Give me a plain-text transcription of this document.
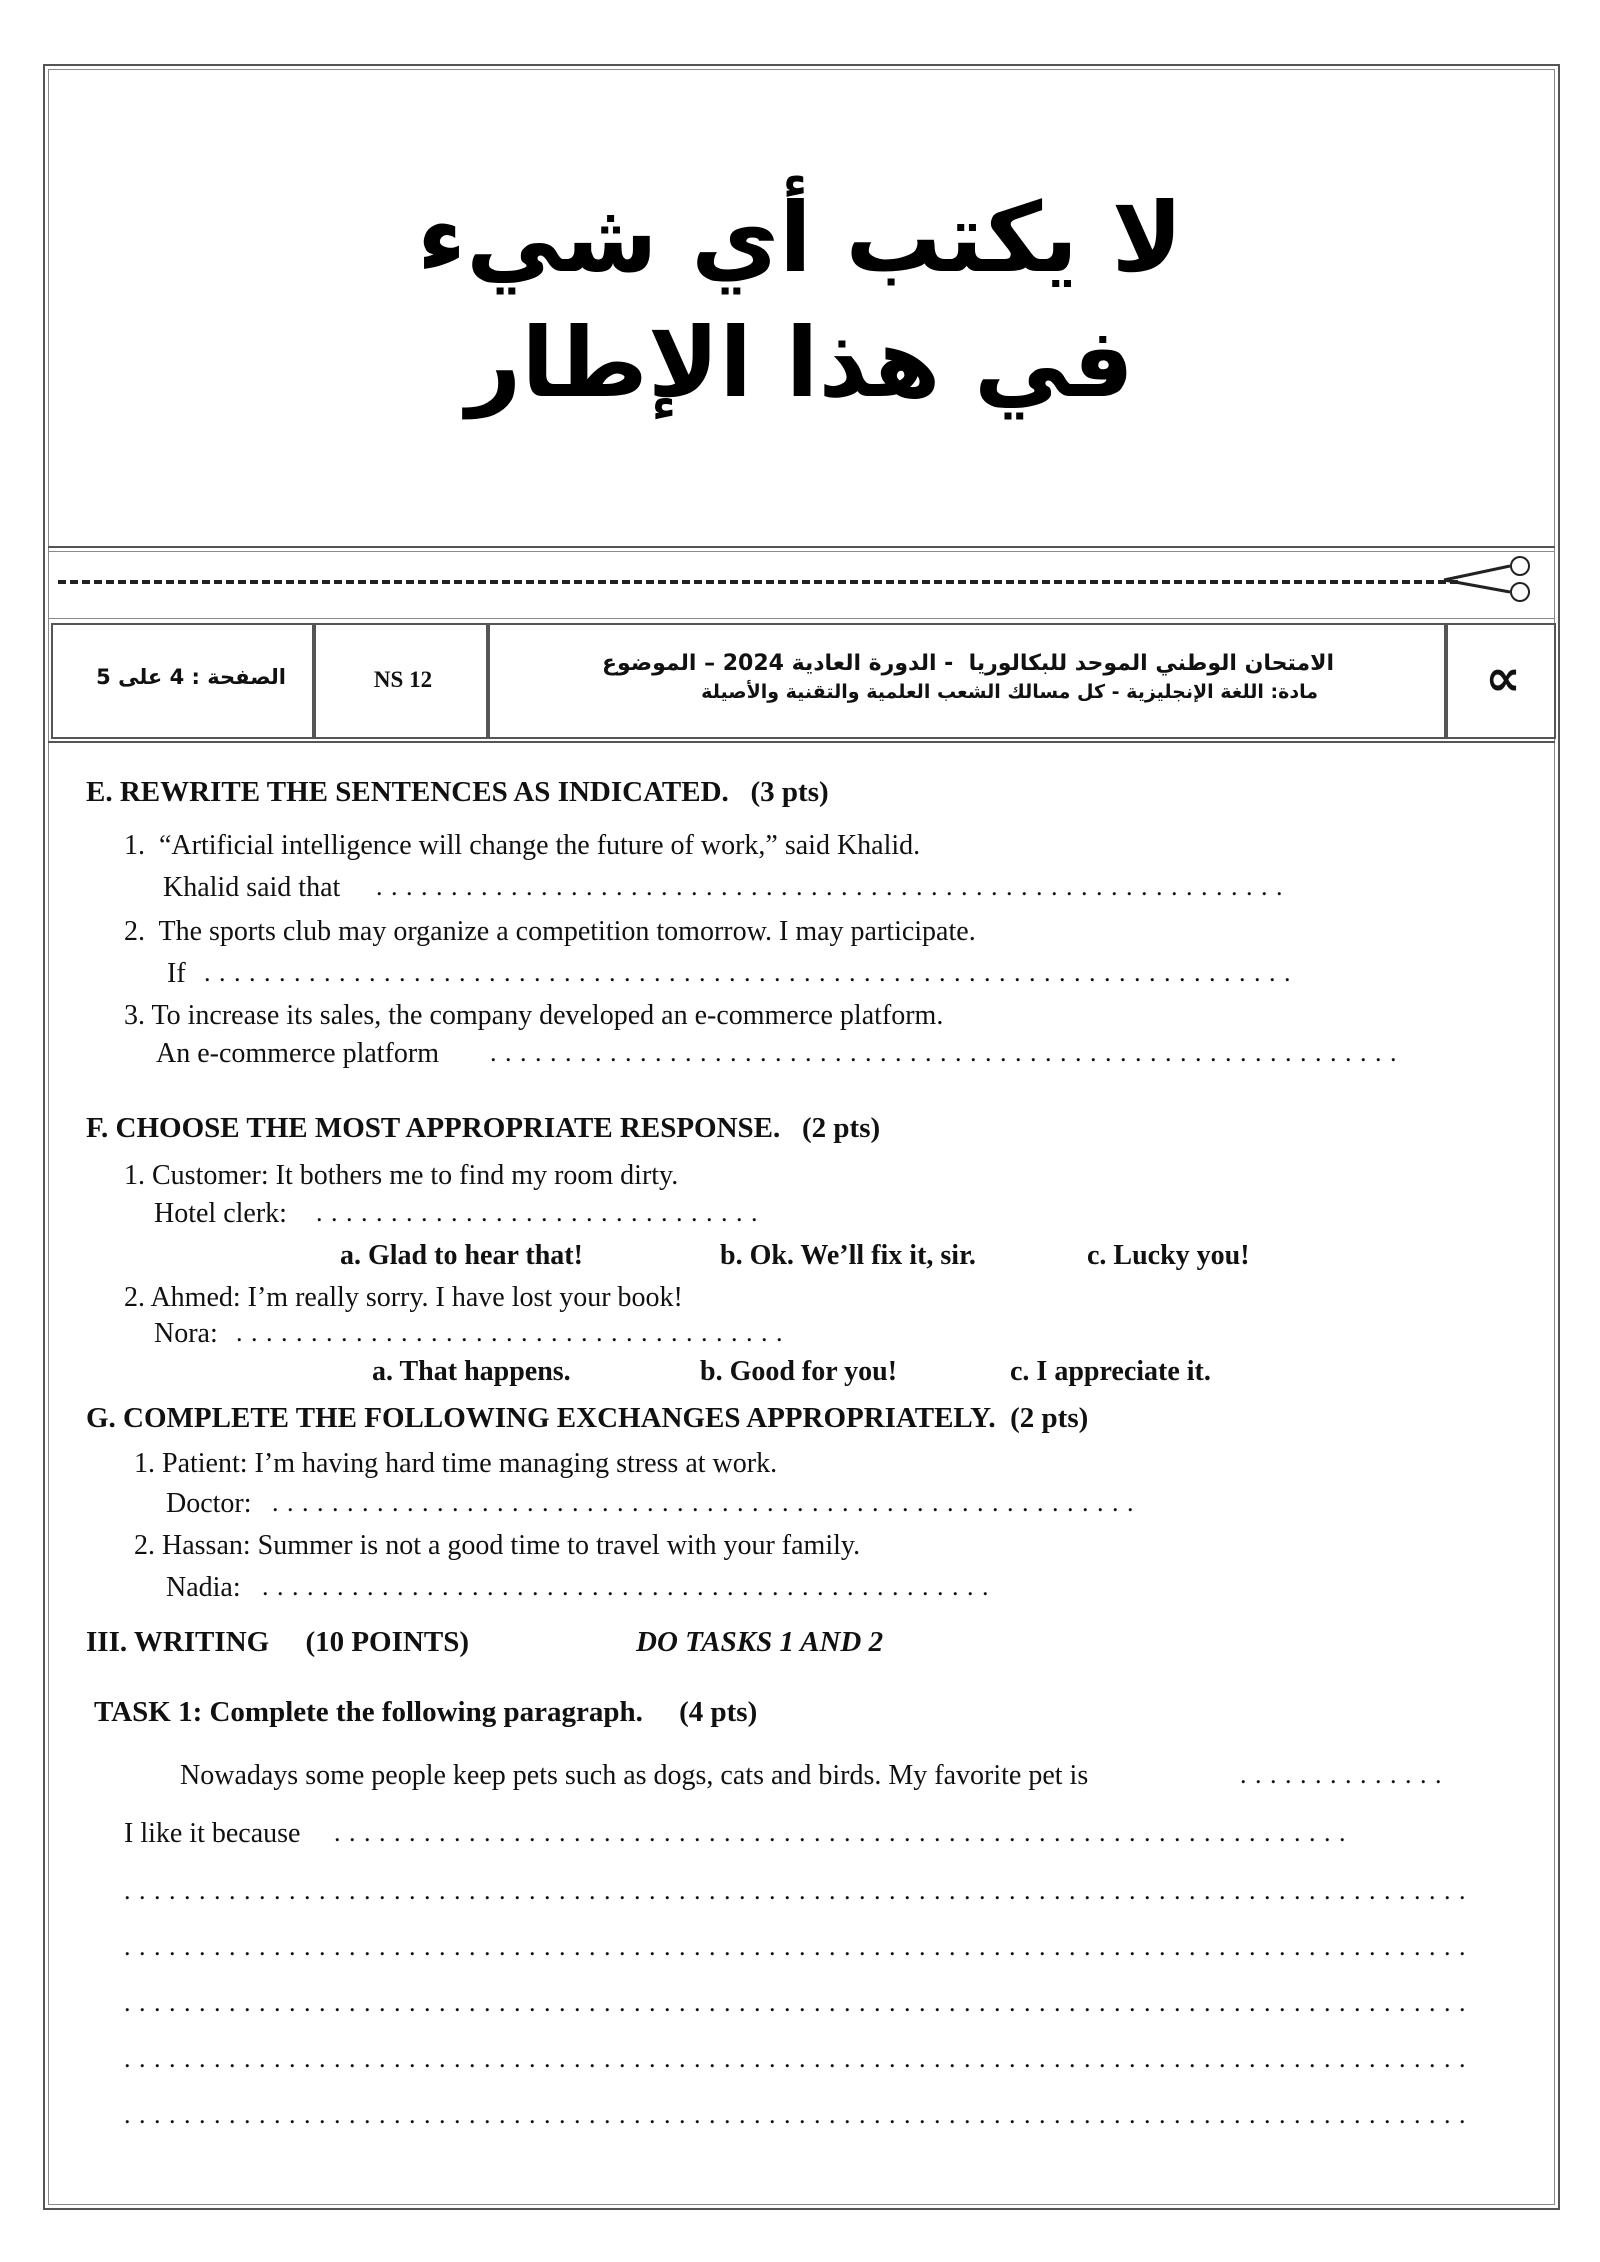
لا يكتب أي شيء
في هذا الإطار
الصفحة : 4 على 5	NS 12
الامتحان الوطني الموحد للبكالوريا  - الدورة العادية 2024 – الموضوع
مادة: اللغة الإنجليزية - كل مسالك الشعب العلمية والتقنية والأصيلة	∝
E. REWRITE THE SENTENCES AS INDICATED.   (3 pts)
1.  “Artificial intelligence will change the future of work,” said Khalid.
Khalid said that . . . . . . . . . . . . . . . . . . . . . . . . . . . . . . . . . . . . . . . . . . . . . . . . . . . . . . . . . . . . .
2.  The sports club may organize a competition tomorrow. I may participate.
If . . . . . . . . . . . . . . . . . . . . . . . . . . . . . . . . . . . . . . . . . . . . . . . . . . . . . . . . . . . . . . . . . . . . . . . . .
3. To increase its sales, the company developed an e-commerce platform.
An e-commerce platform . . . . . . . . . . . . . . . . . . . . . . . . . . . . . . . . . . . . . . . . . . . . . . . . . . . . . . . . . . . . .
F. CHOOSE THE MOST APPROPRIATE RESPONSE.   (2 pts)
1. Customer: It bothers me to find my room dirty.
Hotel clerk: . . . . . . . . . . . . . . . . . . . . . . . . . . . . . .
a. Glad to hear that!	b. Ok. We’ll fix it, sir.	c. Lucky you!
2. Ahmed: I’m really sorry. I have lost your book!
Nora: . . . . . . . . . . . . . . . . . . . . . . . . . . . . . . . . . . . . .
a. That happens.	b. Good for you!	c. I appreciate it.
G. COMPLETE THE FOLLOWING EXCHANGES APPROPRIATELY.  (2 pts)
1. Patient: I’m having hard time managing stress at work.
Doctor: . . . . . . . . . . . . . . . . . . . . . . . . . . . . . . . . . . . . . . . . . . . . . . . . . . . . . . . . . .
2. Hassan: Summer is not a good time to travel with your family.
Nadia: . . . . . . . . . . . . . . . . . . . . . . . . . . . . . . . . . . . . . . . . . . . . . . . . .
III. WRITING     (10 POINTS)	DO TASKS 1 AND 2
TASK 1: Complete the following paragraph.     (4 pts)
Nowadays some people keep pets such as dogs, cats and birds. My favorite pet is	. . . . . . . . . . . . . .
I like it because . . . . . . . . . . . . . . . . . . . . . . . . . . . . . . . . . . . . . . . . . . . . . . . . . . . . . . . . . . . . . . . . . . . .
. . . . . . . . . . . . . . . . . . . . . . . . . . . . . . . . . . . . . . . . . . . . . . . . . . . . . . . . . . . . . . . . . . . . . . . . . . . . . . . . . . . . . . . . . .
. . . . . . . . . . . . . . . . . . . . . . . . . . . . . . . . . . . . . . . . . . . . . . . . . . . . . . . . . . . . . . . . . . . . . . . . . . . . . . . . . . . . . . . . . .
. . . . . . . . . . . . . . . . . . . . . . . . . . . . . . . . . . . . . . . . . . . . . . . . . . . . . . . . . . . . . . . . . . . . . . . . . . . . . . . . . . . . . . . . . .
. . . . . . . . . . . . . . . . . . . . . . . . . . . . . . . . . . . . . . . . . . . . . . . . . . . . . . . . . . . . . . . . . . . . . . . . . . . . . . . . . . . . . . . . . .
. . . . . . . . . . . . . . . . . . . . . . . . . . . . . . . . . . . . . . . . . . . . . . . . . . . . . . . . . . . . . . . . . . . . . . . . . . . . . . . . . . . . . . . . . .
